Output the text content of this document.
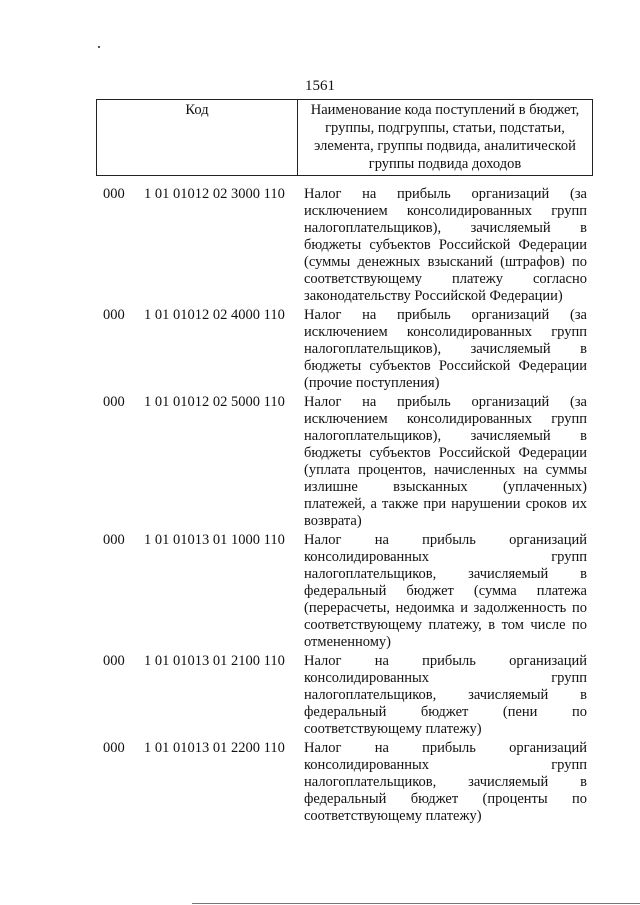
1561
Код	Наименование кода поступлений в бюджет, группы, подгруппы, статьи, подстатьи, элемента, группы подвида, аналитической группы подвида доходов
000 1 01 01012 02 3000 110	Налог на прибыль организаций (за исключением консолидированных групп налогоплательщиков), зачисляемый в бюджеты субъектов Российской Федерации (суммы денежных взысканий (штрафов) по соответствующему платежу согласно законодательству Российской Федерации)
000 1 01 01012 02 4000 110	Налог на прибыль организаций (за исключением консолидированных групп налогоплательщиков), зачисляемый в бюджеты субъектов Российской Федерации (прочие поступления)
000 1 01 01012 02 5000 110	Налог на прибыль организаций (за исключением консолидированных групп налогоплательщиков), зачисляемый в бюджеты субъектов Российской Федерации (уплата процентов, начисленных на суммы излишне взысканных (уплаченных) платежей, а также при нарушении сроков их возврата)
000 1 01 01013 01 1000 110	Налог на прибыль организаций консолидированных групп налогоплательщиков, зачисляемый в федеральный бюджет (сумма платежа (перерасчеты, недоимка и задолженность по соответствующему платежу, в том числе по отмененному)
000 1 01 01013 01 2100 110	Налог на прибыль организаций консолидированных групп налогоплательщиков, зачисляемый в федеральный бюджет (пени по соответствующему платежу)
000 1 01 01013 01 2200 110	Налог на прибыль организаций консолидированных групп налогоплательщиков, зачисляемый в федеральный бюджет (проценты по соответствующему платежу)
